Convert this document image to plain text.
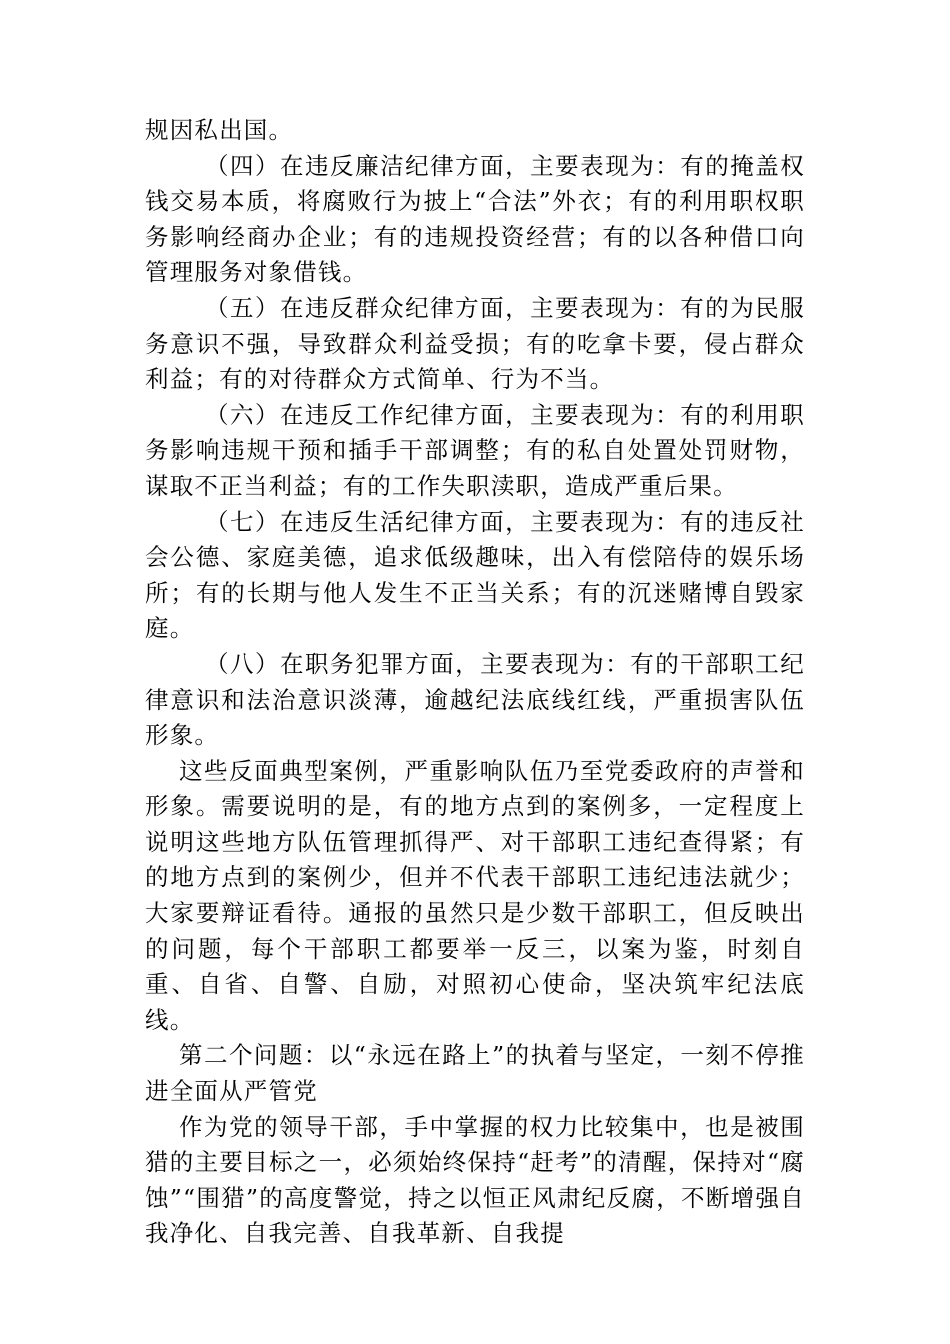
规因私出国。

（四）在违反廉洁纪律方面，主要表现为：有的掩盖权钱交易本质，将腐败行为披上“合法”外衣；有的利用职权职务影响经商办企业；有的违规投资经营；有的以各种借口向管理服务对象借钱。

（五）在违反群众纪律方面，主要表现为：有的为民服务意识不强，导致群众利益受损；有的吃拿卡要，侵占群众利益；有的对待群众方式简单、行为不当。

（六）在违反工作纪律方面，主要表现为：有的利用职务影响违规干预和插手干部调整；有的私自处置处罚财物，谋取不正当利益；有的工作失职渎职，造成严重后果。

（七）在违反生活纪律方面，主要表现为：有的违反社会公德、家庭美德，追求低级趣味，出入有偿陪侍的娱乐场所；有的长期与他人发生不正当关系；有的沉迷赌博自毁家庭。

（八）在职务犯罪方面，主要表现为：有的干部职工纪律意识和法治意识淡薄，逾越纪法底线红线，严重损害队伍形象。

这些反面典型案例，严重影响队伍乃至党委政府的声誉和形象。需要说明的是，有的地方点到的案例多，一定程度上说明这些地方队伍管理抓得严、对干部职工违纪查得紧；有的地方点到的案例少，但并不代表干部职工违纪违法就少；大家要辩证看待。通报的虽然只是少数干部职工，但反映出的问题，每个干部职工都要举一反三，以案为鉴，时刻自重、自省、自警、自励，对照初心使命，坚决筑牢纪法底线。

第二个问题：以“永远在路上”的执着与坚定，一刻不停推进全面从严管党

作为党的领导干部，手中掌握的权力比较集中，也是被围猎的主要目标之一，必须始终保持“赶考”的清醒，保持对“腐蚀”“围猎”的高度警觉，持之以恒正风肃纪反腐，不断增强自我净化、自我完善、自我革新、自我提
